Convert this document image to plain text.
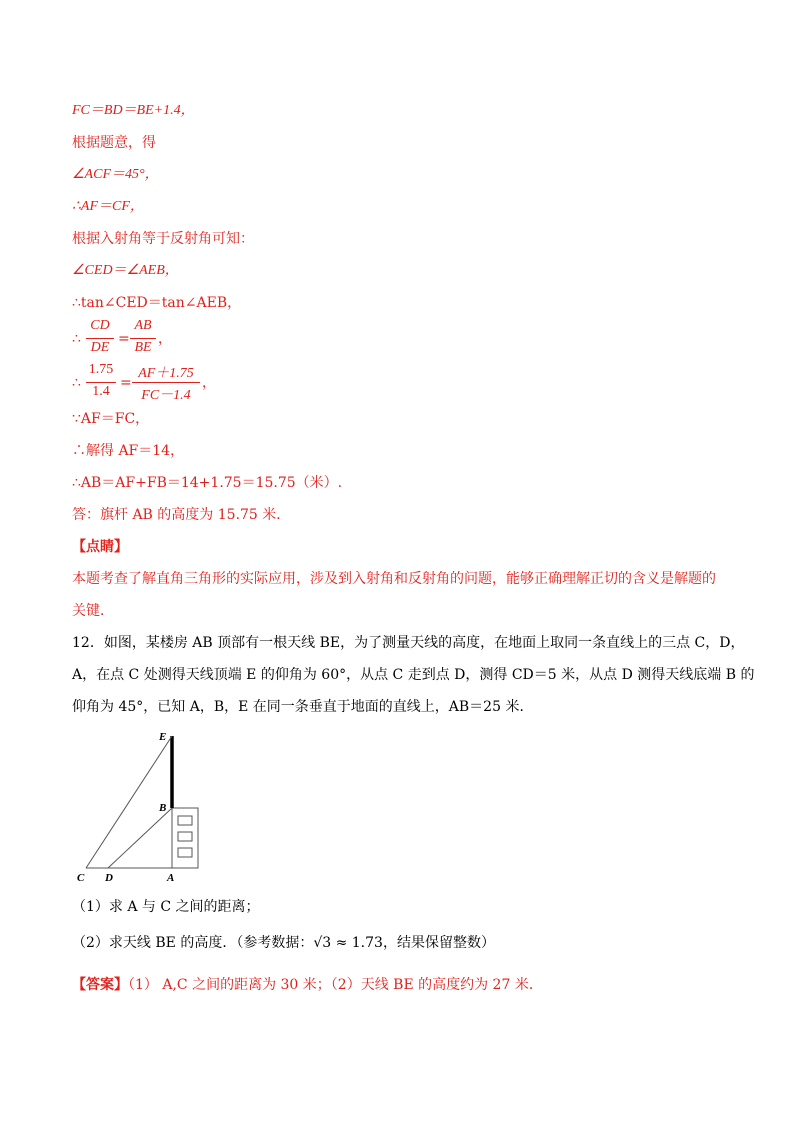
FC＝BD＝BE+1.4，
根据题意，得
∠ACF＝45°，
∴AF＝CF，
根据入射角等于反射角可知：
∠CED＝∠AEB，
∴tan∠CED＝tan∠AEB，
∴
CD
DE
=
AB
BE
，
∴
1.75
1.4
=
AF＋1.75
FC－1.4
，
∵AF＝FC，
∴解得 AF＝14，
∴AB＝AF+FB＝14+1.75＝15.75（米）.
答：旗杆 AB 的高度为 15.75 米．
【点睛】
本题考查了解直角三角形的实际应用，涉及到入射角和反射角的问题，能够正确理解正切的含义是解题的
关键．
12．如图，某楼房 AB 顶部有一根天线 BE，为了测量天线的高度，在地面上取同一条直线上的三点 C，D，
A，在点 C 处测得天线顶端 E 的仰角为 60°，从点 C 走到点 D，测得 CD＝5 米，从点 D 测得天线底端 B 的
仰角为 45°，已知 A，B，E 在同一条垂直于地面的直线上，AB＝25 米．
E
B
C D	A
（1）求 A 与 C 之间的距离；
（2）求天线 BE 的高度．（参考数据：√3 ≈ 1.73，结果保留整数）
【答案】（1） A,C 之间的距离为 30 米；（2）天线 BE 的高度约为 27 米．
